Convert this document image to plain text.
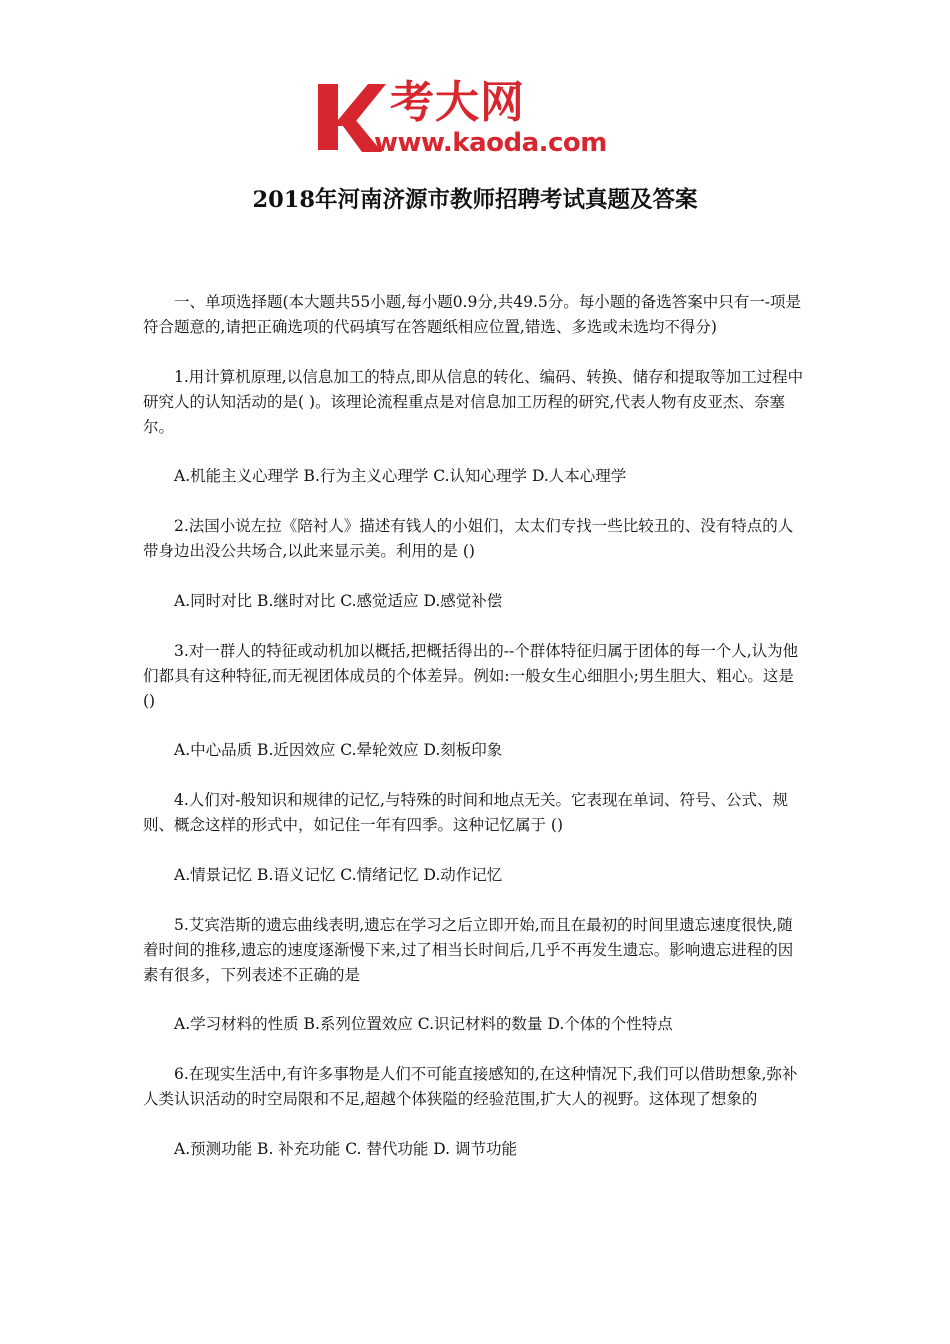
考大网
www.kaoda.com
2018年河南济源市教师招聘考试真题及答案

一、单项选择题(本大题共55小题,每小题0.9分,共49.5分。每小题的备选答案中只有一-项是符合题意的,请把正确选项的代码填写在答题纸相应位置,错选、多选或未选均不得分)

1.用计算机原理,以信息加工的特点,即从信息的转化、编码、转换、储存和提取等加工过程中研究人的认知活动的是( )。该理论流程重点是对信息加工历程的研究,代表人物有皮亚杰、奈塞尔。

A.机能主义心理学 B.行为主义心理学 C.认知心理学 D.人本心理学

2.法国小说左拉《陪衬人》描述有钱人的小姐们，太太们专找一些比较丑的、没有特点的人带身边出没公共场合,以此来显示美。利用的是 ()

A.同时对比 B.继时对比 C.感觉适应 D.感觉补偿

3.对一群人的特征或动机加以概括,把概括得出的--个群体特征归属于团体的每一个人,认为他们都具有这种特征,而无视团体成员的个体差异。例如:一般女生心细胆小;男生胆大、粗心。这是 ()

A.中心品质 B.近因效应 C.晕轮效应 D.刻板印象

4.人们对-般知识和规律的记忆,与特殊的时间和地点无关。它表现在单词、符号、公式、规则、概念这样的形式中，如记住一年有四季。这种记忆属于 ()

A.情景记忆 B.语义记忆 C.情绪记忆 D.动作记忆

5.艾宾浩斯的遗忘曲线表明,遗忘在学习之后立即开始,而且在最初的时间里遗忘速度很快,随着时间的推移,遗忘的速度逐渐慢下来,过了相当长时间后,几乎不再发生遗忘。影响遗忘进程的因素有很多，下列表述不正确的是

A.学习材料的性质 B.系列位置效应 C.识记材料的数量 D.个体的个性特点

6.在现实生活中,有许多事物是人们不可能直接感知的,在这种情况下,我们可以借助想象,弥补人类认识活动的时空局限和不足,超越个体狭隘的经验范围,扩大人的视野。这体现了想象的

A.预测功能 B. 补充功能 C. 替代功能 D. 调节功能
